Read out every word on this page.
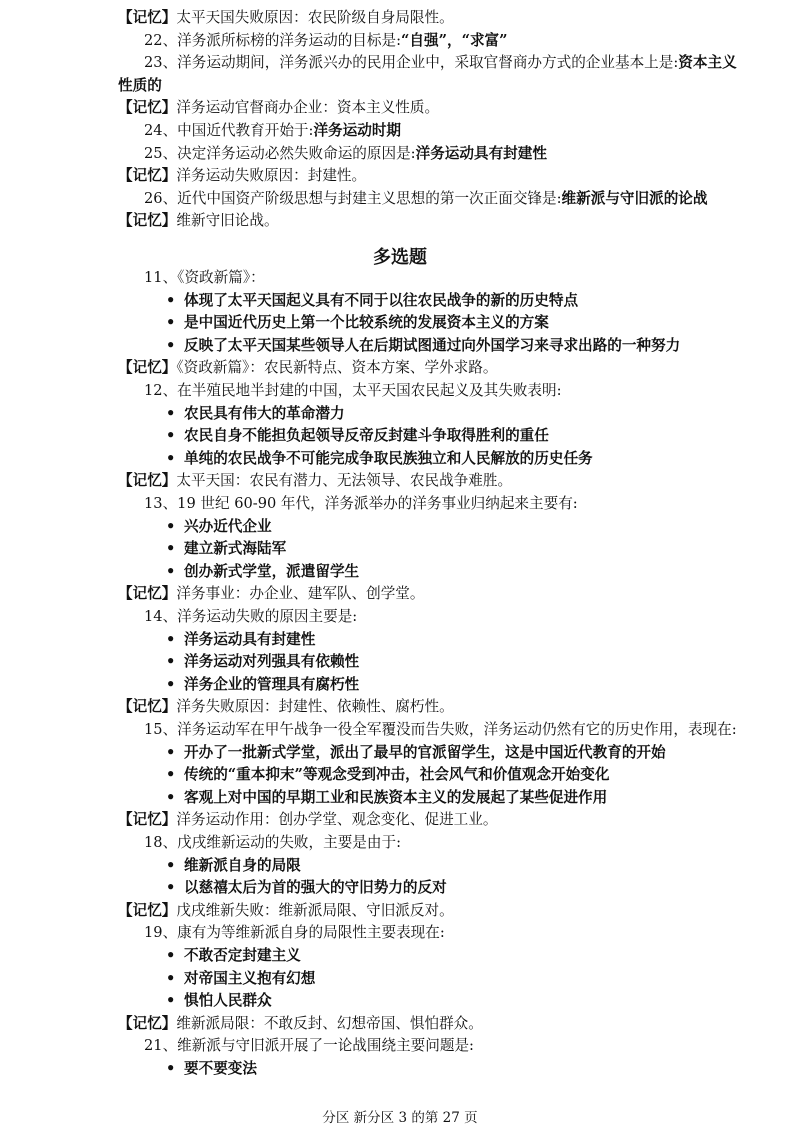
【记忆】太平天国失败原因：农民阶级自身局限性。
22、洋务派所标榜的洋务运动的目标是:“自强”，“求富”
23、洋务运动期间，洋务派兴办的民用企业中，采取官督商办方式的企业基本上是:资本主义
性质的
【记忆】洋务运动官督商办企业：资本主义性质。
24、中国近代教育开始于:洋务运动时期
25、决定洋务运动必然失败命运的原因是:洋务运动具有封建性
【记忆】洋务运动失败原因：封建性。
26、近代中国资产阶级思想与封建主义思想的第一次正面交锋是:维新派与守旧派的论战
【记忆】维新守旧论战。
多选题
11、《资政新篇》：
• 体现了太平天国起义具有不同于以往农民战争的新的历史特点
• 是中国近代历史上第一个比较系统的发展资本主义的方案
• 反映了太平天国某些领导人在后期试图通过向外国学习来寻求出路的一种努力
【记忆】《资政新篇》：农民新特点、资本方案、学外求路。
12、在半殖民地半封建的中国，太平天国农民起义及其失败表明:
• 农民具有伟大的革命潜力
• 农民自身不能担负起领导反帝反封建斗争取得胜利的重任
• 单纯的农民战争不可能完成争取民族独立和人民解放的历史任务
【记忆】太平天国：农民有潜力、无法领导、农民战争难胜。
13、19 世纪 60-90 年代，洋务派举办的洋务事业归纳起来主要有:
• 兴办近代企业
• 建立新式海陆军
• 创办新式学堂，派遣留学生
【记忆】洋务事业：办企业、建军队、创学堂。
14、洋务运动失败的原因主要是:
• 洋务运动具有封建性
• 洋务运动对列强具有依赖性
• 洋务企业的管理具有腐朽性
【记忆】洋务失败原因：封建性、依赖性、腐朽性。
15、洋务运动军在甲午战争一役全军覆没而告失败，洋务运动仍然有它的历史作用，表现在:
• 开办了一批新式学堂，派出了最早的官派留学生，这是中国近代教育的开始
• 传统的“重本抑末”等观念受到冲击，社会风气和价值观念开始变化
• 客观上对中国的早期工业和民族资本主义的发展起了某些促进作用
【记忆】洋务运动作用：创办学堂、观念变化、促进工业。
18、戊戌维新运动的失败，主要是由于:
• 维新派自身的局限
• 以慈禧太后为首的强大的守旧势力的反对
【记忆】戊戌维新失败：维新派局限、守旧派反对。
19、康有为等维新派自身的局限性主要表现在:
• 不敢否定封建主义
• 对帝国主义抱有幻想
• 惧怕人民群众
【记忆】维新派局限：不敢反封、幻想帝国、惧怕群众。
21、维新派与守旧派开展了一论战围绕主要问题是:
• 要不要变法
分区 新分区 3 的第 27 页
